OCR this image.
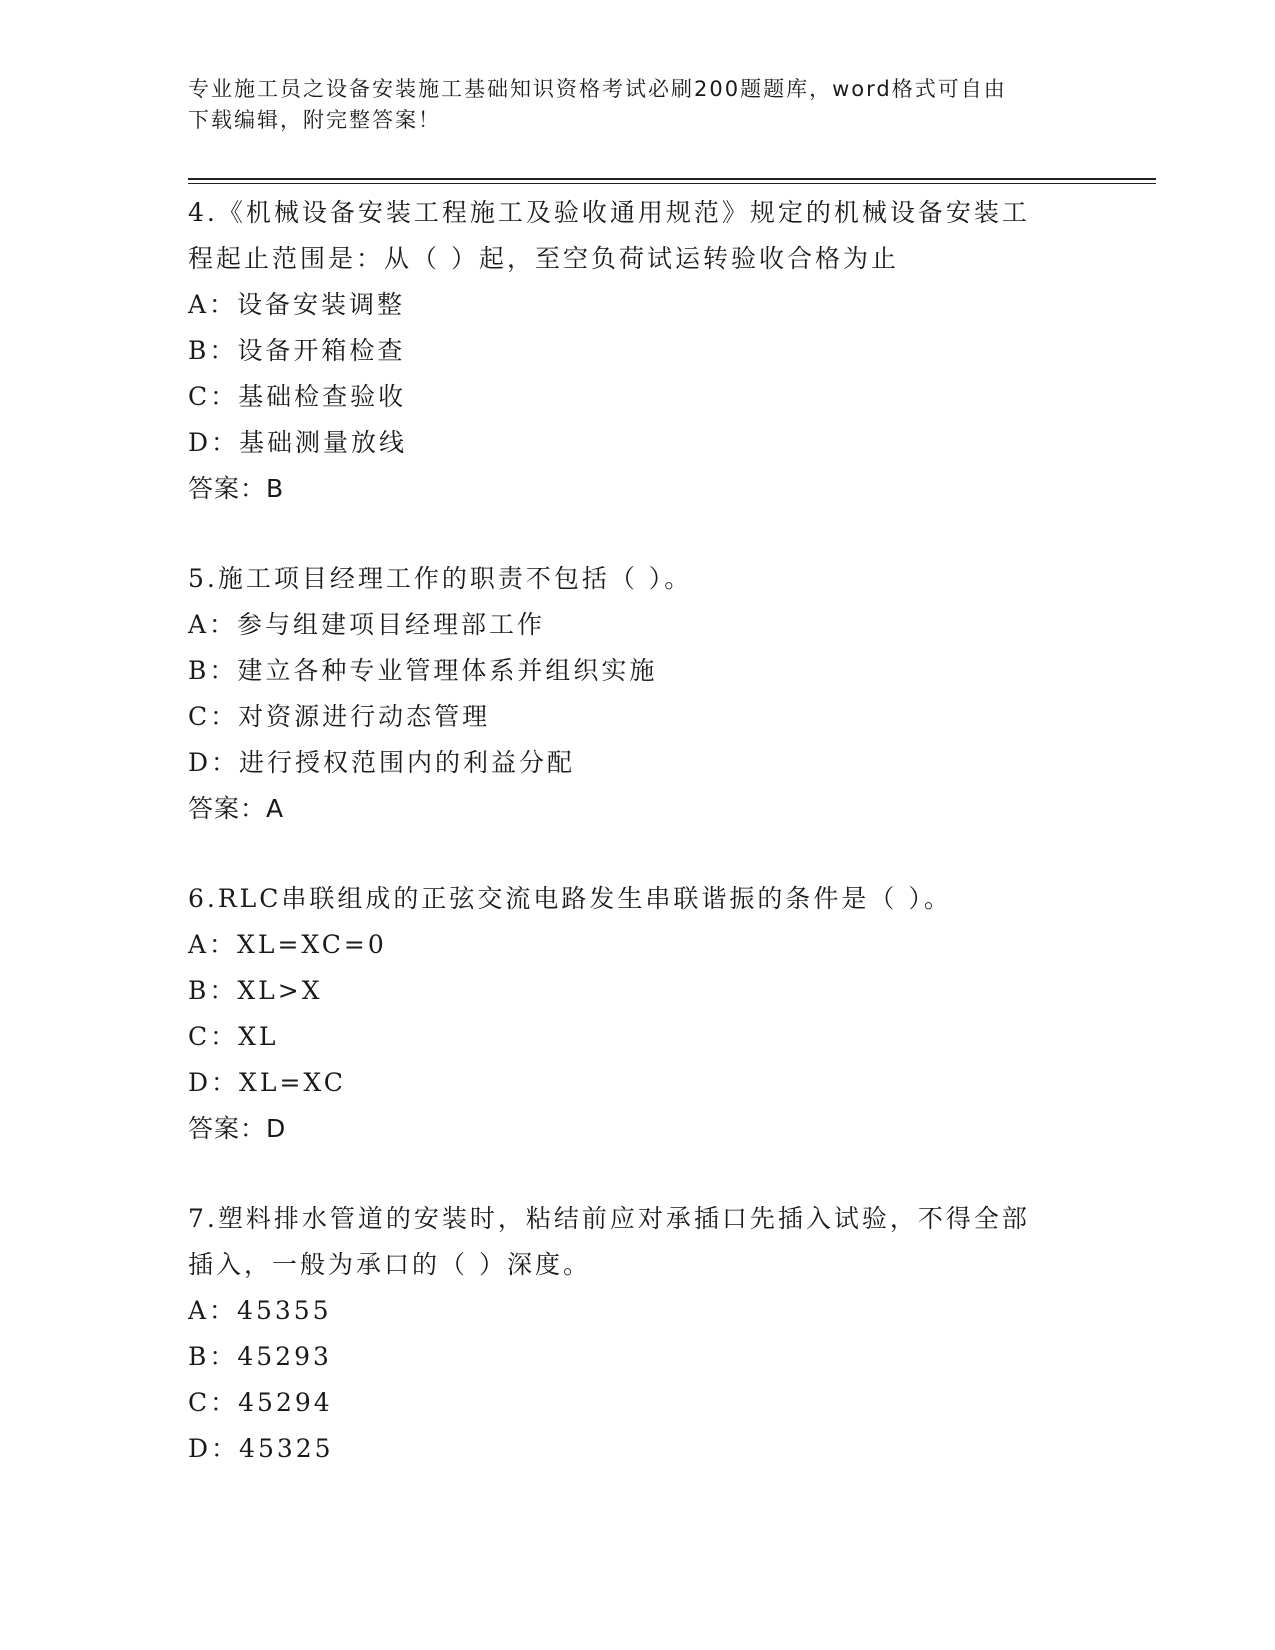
专业施工员之设备安装施工基础知识资格考试必刷200题题库，word格式可自由
下载编辑，附完整答案！

4.《机械设备安装工程施工及验收通用规范》规定的机械设备安装工

程起止范围是：从（ ）起，至空负荷试运转验收合格为止

A：设备安装调整

B：设备开箱检查

C：基础检查验收

D：基础测量放线

答案：B

5.施工项目经理工作的职责不包括（ ）。

A：参与组建项目经理部工作

B：建立各种专业管理体系并组织实施

C：对资源进行动态管理

D：进行授权范围内的利益分配

答案：A

6.RLC串联组成的正弦交流电路发生串联谐振的条件是（ ）。

A：XL=XC=0

B：XL>X

C：XL

D：XL=XC

答案：D

7.塑料排水管道的安装时，粘结前应对承插口先插入试验，不得全部

插入，一般为承口的（ ）深度。

A：45355

B：45293

C：45294

D：45325
